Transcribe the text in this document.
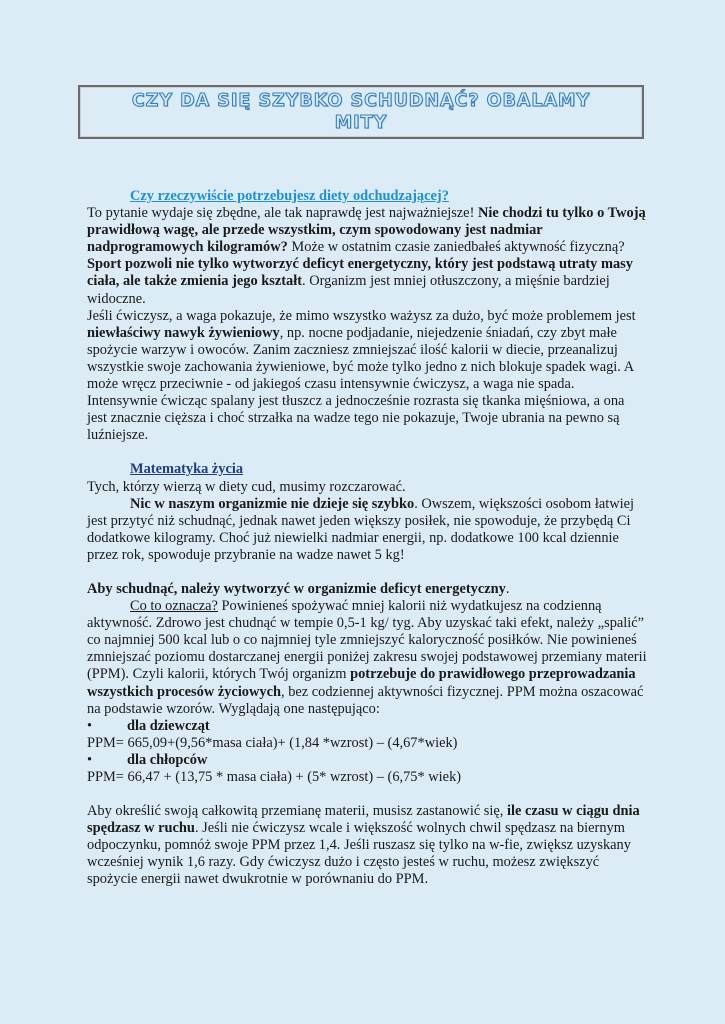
CZY DA SIĘ SZYBKO SCHUDNĄĆ? OBALAMY MITY

Czy rzeczywiście potrzebujesz diety odchudzającej?

To pytanie wydaje się zbędne, ale tak naprawdę jest najważniejsze! Nie chodzi tu tylko o Twoją prawidłową wagę, ale przede wszystkim, czym spowodowany jest nadmiar nadprogramowych kilogramów? Może w ostatnim czasie zaniedbałeś aktywność fizyczną? Sport pozwoli nie tylko wytworzyć deficyt energetyczny, który jest podstawą utraty masy ciała, ale także zmienia jego kształt. Organizm jest mniej otłuszczony, a mięśnie bardziej widoczne.

Jeśli ćwiczysz, a waga pokazuje, że mimo wszystko ważysz za dużo, być może problemem jest niewłaściwy nawyk żywieniowy, np. nocne podjadanie, niejedzenie śniadań, czy zbyt małe spożycie warzyw i owoców. Zanim zaczniesz zmniejszać ilość kalorii w diecie, przeanalizuj wszystkie swoje zachowania żywieniowe, być może tylko jedno z nich blokuje spadek wagi. A może wręcz przeciwnie - od jakiegoś czasu intensywnie ćwiczysz, a waga nie spada. Intensywnie ćwicząc spalany jest tłuszcz a jednocześnie rozrasta się tkanka mięśniowa, a ona jest znacznie cięższa i choć strzałka na wadze tego nie pokazuje, Twoje ubrania na pewno są luźniejsze.

Matematyka życia

Tych, którzy wierzą w diety cud, musimy rozczarować.

Nic w naszym organizmie nie dzieje się szybko. Owszem, większości osobom łatwiej jest przytyć niż schudnąć, jednak nawet jeden większy posiłek, nie spowoduje, że przybędą Ci dodatkowe kilogramy. Choć już niewielki nadmiar energii, np. dodatkowe 100 kcal dziennie przez rok, spowoduje przybranie na wadze nawet 5 kg!

Aby schudnąć, należy wytworzyć w organizmie deficyt energetyczny.

Co to oznacza? Powinieneś spożywać mniej kalorii niż wydatkujesz na codzienną aktywność. Zdrowo jest chudnąć w tempie 0,5-1 kg/ tyg. Aby uzyskać taki efekt, należy „spalić” co najmniej 500 kcal lub o co najmniej tyle zmniejszyć kaloryczność posiłków. Nie powinieneś zmniejszać poziomu dostarczanej energii poniżej zakresu swojej podstawowej przemiany materii (PPM). Czyli kalorii, których Twój organizm potrzebuje do prawidłowego przeprowadzania wszystkich procesów życiowych, bez codziennej aktywności fizycznej. PPM można oszacować na podstawie wzorów. Wyglądają one następująco:

•	dla dziewcząt

PPM= 665,09+(9,56*masa ciała)+ (1,84 *wzrost) – (4,67*wiek)

•	dla chłopców

PPM= 66,47 + (13,75 * masa ciała) + (5* wzrost) – (6,75* wiek)

Aby określić swoją całkowitą przemianę materii, musisz zastanowić się, ile czasu w ciągu dnia spędzasz w ruchu. Jeśli nie ćwiczysz wcale i większość wolnych chwil spędzasz na biernym odpoczynku, pomnóż swoje PPM przez 1,4. Jeśli ruszasz się tylko na w-fie, zwiększ uzyskany wcześniej wynik 1,6 razy. Gdy ćwiczysz dużo i często jesteś w ruchu, możesz zwiększyć spożycie energii nawet dwukrotnie w porównaniu do PPM.
